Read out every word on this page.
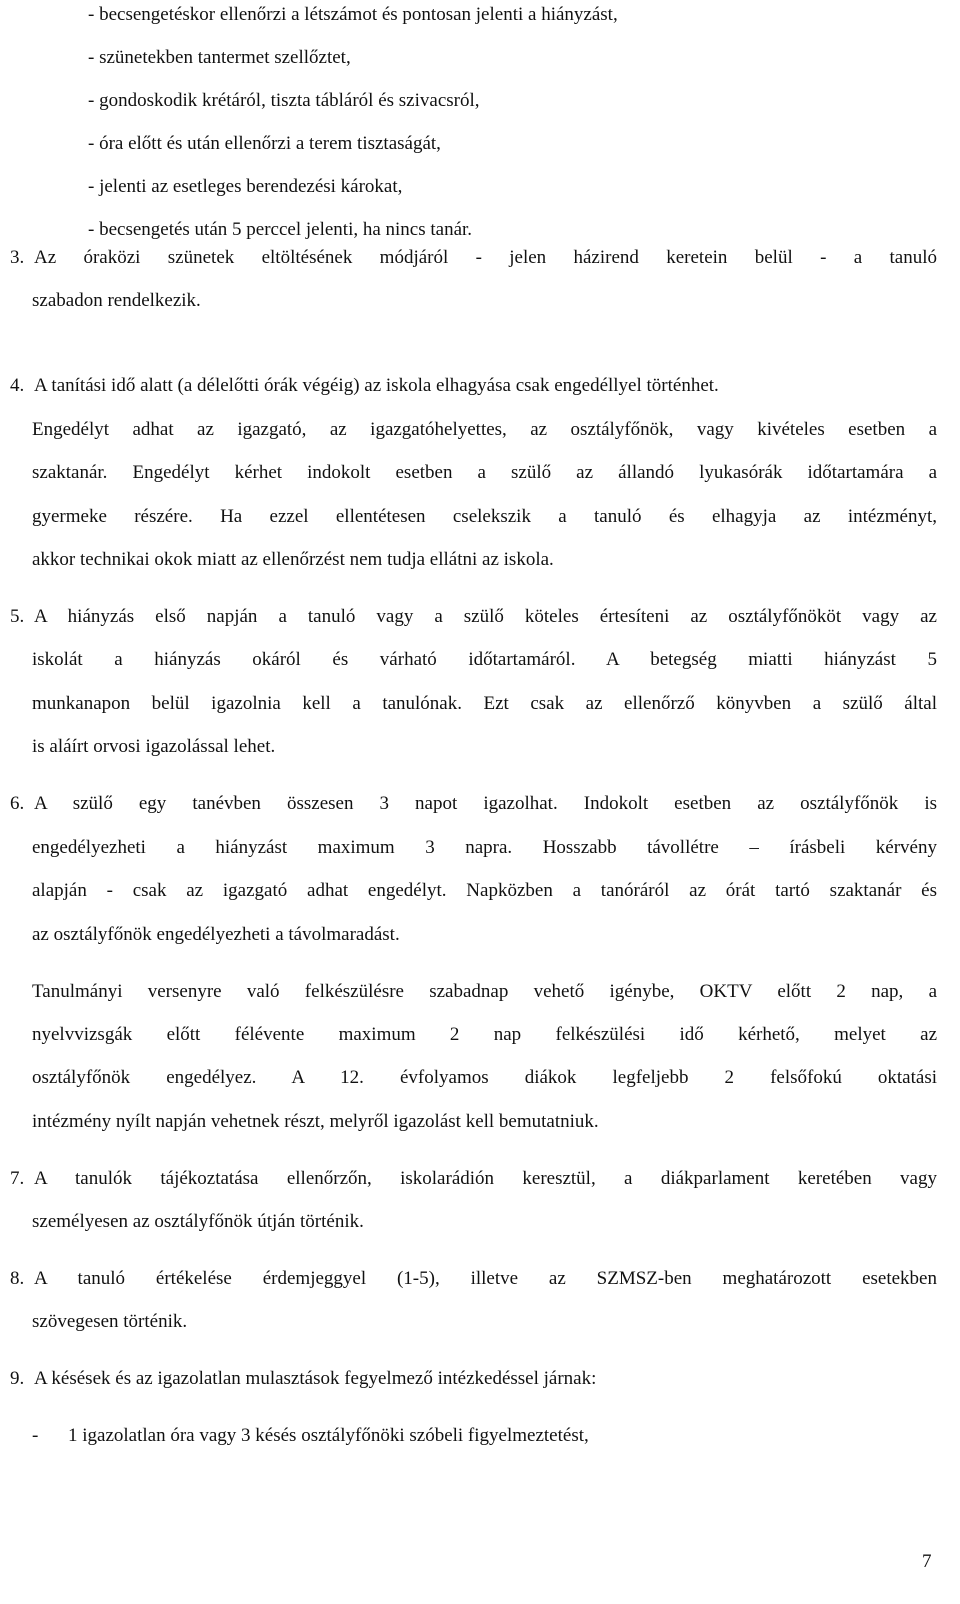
- becsengetéskor ellenőrzi a létszámot és pontosan jelenti a hiányzást,
- szünetekben tantermet szellőztet,
- gondoskodik krétáról, tiszta tábláról és szivacsról,
- óra előtt és után ellenőrzi a terem tisztaságát,
- jelenti az esetleges berendezési károkat,
- becsengetés után 5 perccel jelenti, ha nincs tanár.
3. Az óraközi szünetek eltöltésének módjáról - jelen házirend keretein belül - a tanuló
szabadon rendelkezik.
4. A tanítási idő alatt (a délelőtti órák végéig) az iskola elhagyása csak engedéllyel történhet.
Engedélyt adhat az igazgató, az igazgatóhelyettes, az osztályfőnök, vagy kivételes esetben a
szaktanár. Engedélyt kérhet indokolt esetben a szülő az állandó lyukasórák időtartamára a
gyermeke részére. Ha ezzel ellentétesen cselekszik a tanuló és elhagyja az intézményt,
akkor technikai okok miatt az ellenőrzést nem tudja ellátni az iskola.
5. A hiányzás első napján a tanuló vagy a szülő köteles értesíteni az osztályfőnököt vagy az
iskolát a hiányzás okáról és várható időtartamáról. A betegség miatti hiányzást 5
munkanapon belül igazolnia kell a tanulónak. Ezt csak az ellenőrző könyvben a szülő által
is aláírt orvosi igazolással lehet.
6. A szülő egy tanévben összesen 3 napot igazolhat. Indokolt esetben az osztályfőnök is
engedélyezheti a hiányzást maximum 3 napra. Hosszabb távollétre – írásbeli kérvény
alapján - csak az igazgató adhat engedélyt. Napközben a tanóráról az órát tartó szaktanár és
az osztályfőnök engedélyezheti a távolmaradást.
Tanulmányi versenyre való felkészülésre szabadnap vehető igénybe, OKTV előtt 2 nap, a
nyelvvizsgák előtt félévente maximum 2 nap felkészülési idő kérhető, melyet az
osztályfőnök engedélyez. A 12. évfolyamos diákok legfeljebb 2 felsőfokú oktatási
intézmény nyílt napján vehetnek részt, melyről igazolást kell bemutatniuk.
7. A tanulók tájékoztatása ellenőrzőn, iskolarádión keresztül, a diákparlament keretében vagy
személyesen az osztályfőnök útján történik.
8. A tanuló értékelése érdemjeggyel (1-5), illetve az SZMSZ-ben meghatározott esetekben
szövegesen történik.
9. A késések és az igazolatlan mulasztások fegyelmező intézkedéssel járnak:
- 1 igazolatlan óra vagy 3 késés osztályfőnöki szóbeli figyelmeztetést,
7
